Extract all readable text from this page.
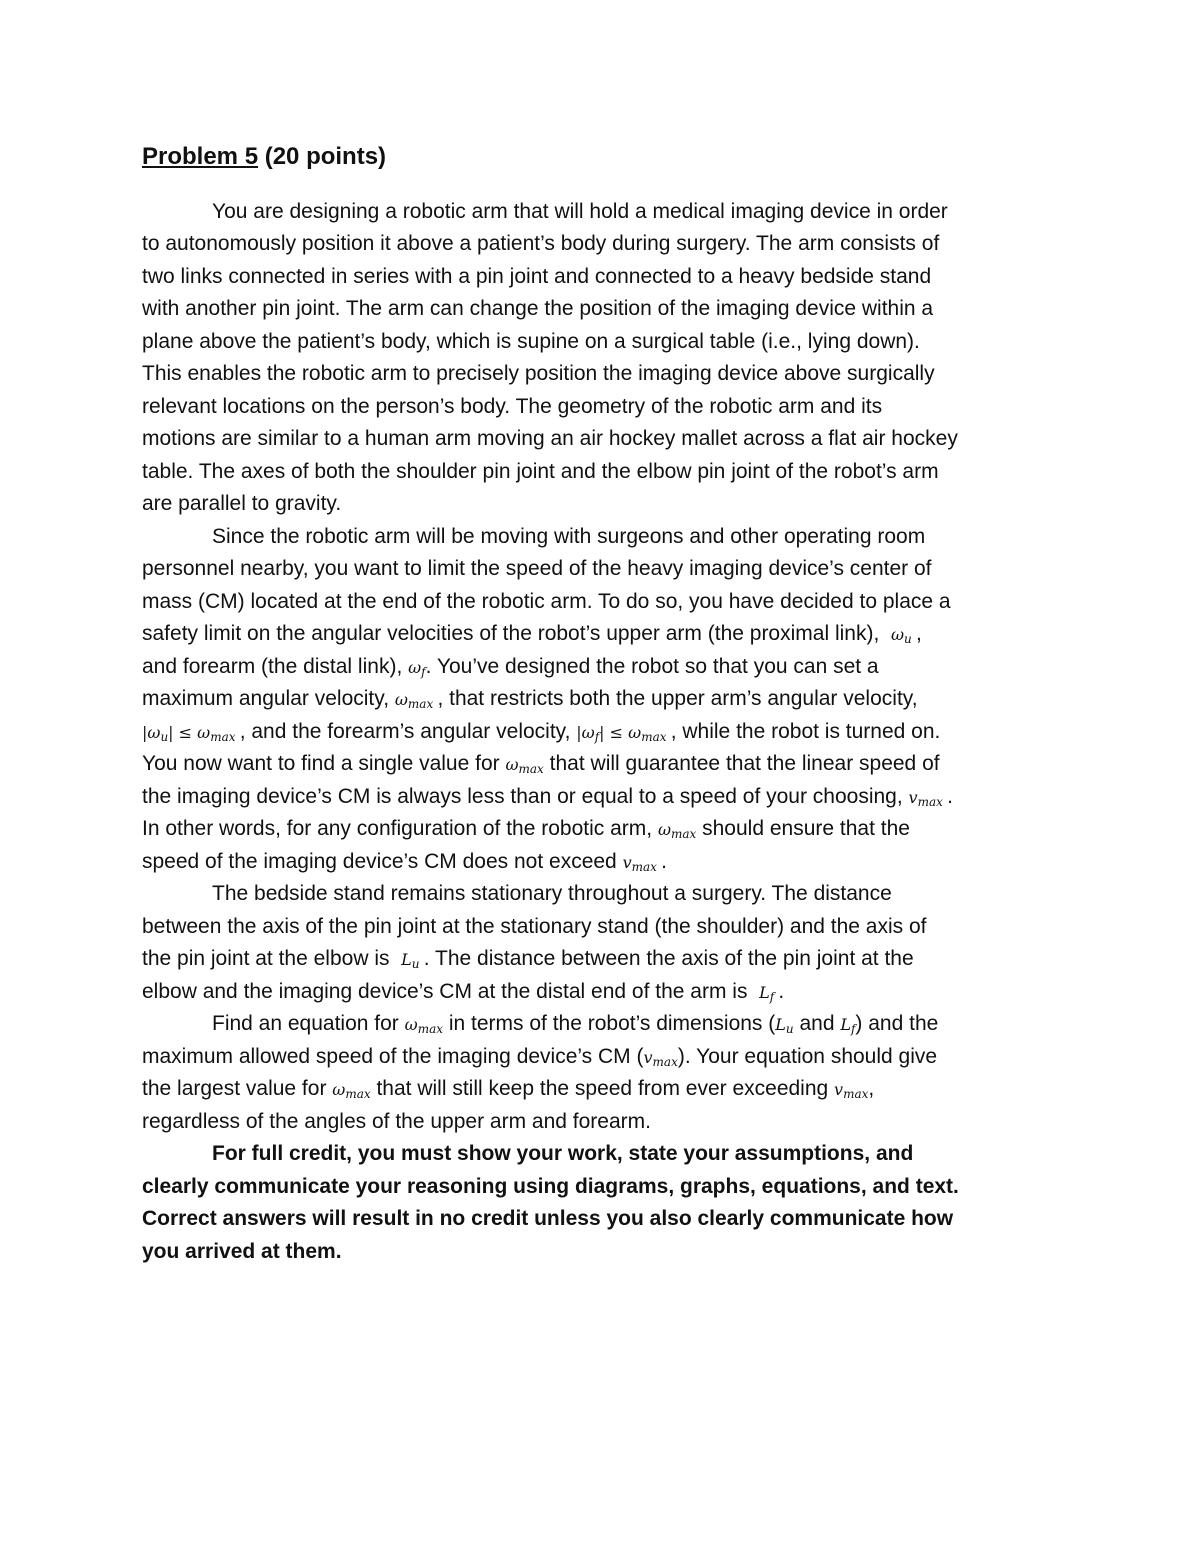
Problem 5 (20 points)
You are designing a robotic arm that will hold a medical imaging device in order
to autonomously position it above a patient’s body during surgery. The arm consists of
two links connected in series with a pin joint and connected to a heavy bedside stand
with another pin joint. The arm can change the position of the imaging device within a
plane above the patient’s body, which is supine on a surgical table (i.e., lying down).
This enables the robotic arm to precisely position the imaging device above surgically
relevant locations on the person’s body. The geometry of the robotic arm and its
motions are similar to a human arm moving an air hockey mallet across a flat air hockey
table. The axes of both the shoulder pin joint and the elbow pin joint of the robot’s arm
are parallel to gravity.
Since the robotic arm will be moving with surgeons and other operating room
personnel nearby, you want to limit the speed of the heavy imaging device’s center of
mass (CM) located at the end of the robotic arm. To do so, you have decided to place a
safety limit on the angular velocities of the robot’s upper arm (the proximal link),  $\omega_u$ ,
and forearm (the distal link), $\omega_f$. You’ve designed the robot so that you can set a
maximum angular velocity, $\omega_{max}$ , that restricts both the upper arm’s angular velocity,
$|\omega_u| \le \omega_{max}$ , and the forearm’s angular velocity, $|\omega_f| \le \omega_{max}$ , while the robot is turned on.
You now want to find a single value for $\omega_{max}$ that will guarantee that the linear speed of
the imaging device’s CM is always less than or equal to a speed of your choosing, $v_{max}$ .
In other words, for any configuration of the robotic arm, $\omega_{max}$ should ensure that the
speed of the imaging device’s CM does not exceed $v_{max}$ .
The bedside stand remains stationary throughout a surgery. The distance
between the axis of the pin joint at the stationary stand (the shoulder) and the axis of
the pin joint at the elbow is  $L_u$ . The distance between the axis of the pin joint at the
elbow and the imaging device’s CM at the distal end of the arm is  $L_f$ .
Find an equation for $\omega_{max}$ in terms of the robot’s dimensions ($L_u$ and $L_f$) and the
maximum allowed speed of the imaging device’s CM $(v_{max})$. Your equation should give
the largest value for $\omega_{max}$ that will still keep the speed from ever exceeding $v_{max}$,
regardless of the angles of the upper arm and forearm.
For full credit, you must show your work, state your assumptions, and
clearly communicate your reasoning using diagrams, graphs, equations, and text.
Correct answers will result in no credit unless you also clearly communicate how
you arrived at them.
